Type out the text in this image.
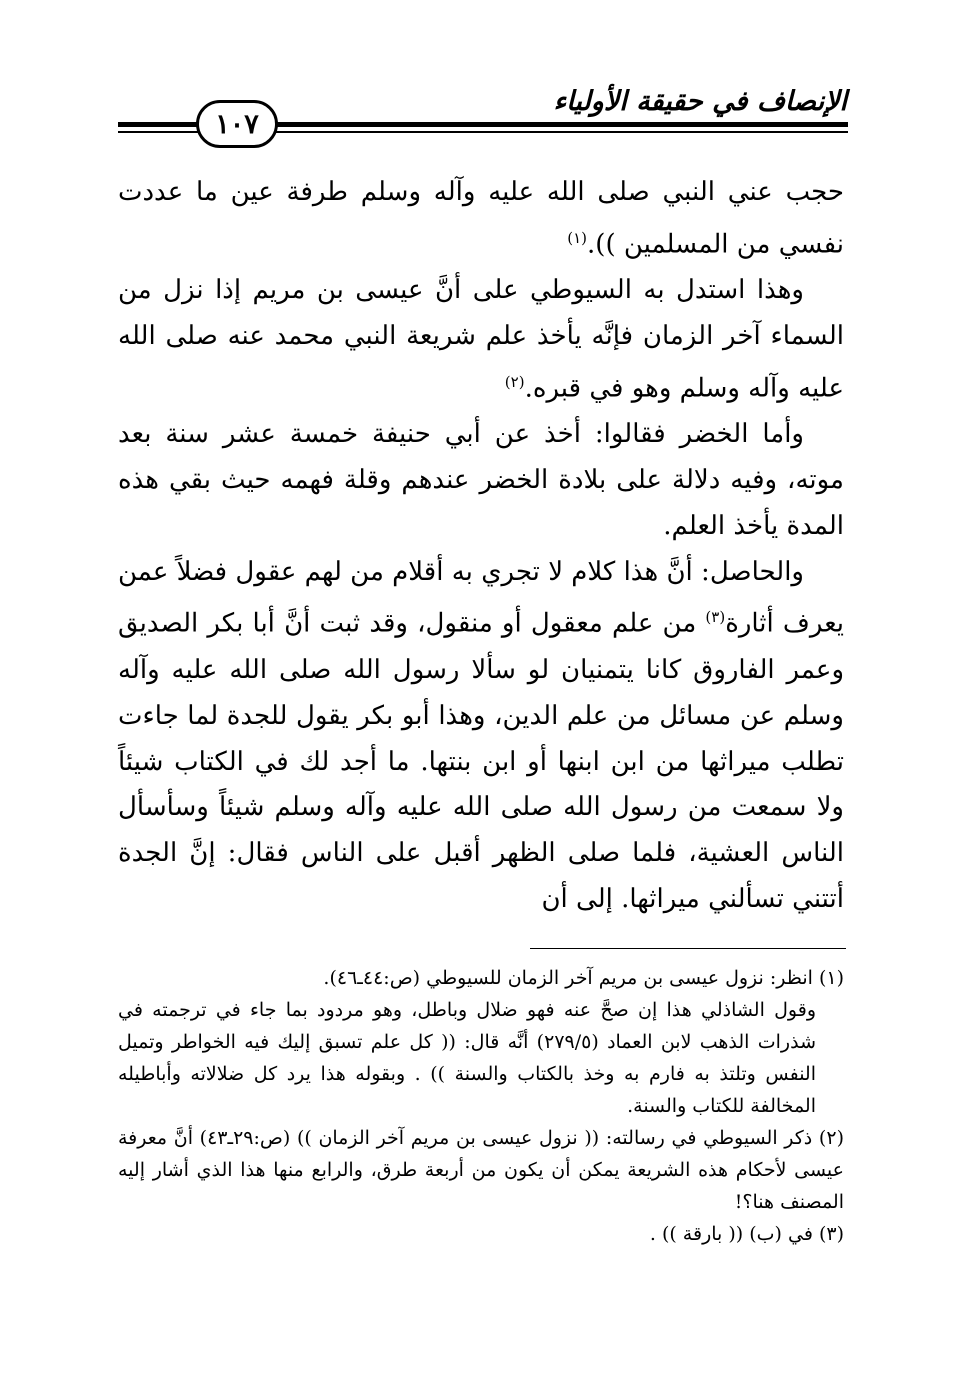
الإنصاف في حقيقة الأولياء
١٠٧

حجب عني النبي صلى الله عليه وآله وسلم طرفة عين ما عددت نفسي من المسلمين )).$^{(١)}$

وهذا استدل به السيوطي على أنَّ عيسى بن مريم إذا نزل من السماء آخر الزمان فإنَّه يأخذ علم شريعة النبي محمد عنه صلى الله عليه وآله وسلم وهو في قبره.$^{(٢)}$

وأما الخضر فقالوا: أخذ عن أبي حنيفة خمسة عشر سنة بعد موته، وفيه دلالة على بلادة الخضر عندهم وقلة فهمه حيث بقي هذه المدة يأخذ العلم.

والحاصل: أنَّ هذا كلام لا تجري به أقلام من لهم عقول فضلاً عمن يعرف أثارة$^{(٣)}$ من علم معقول أو منقول، وقد ثبت أنَّ أبا بكر الصديق وعمر الفاروق كانا يتمنيان لو سألا رسول الله صلى الله عليه وآله وسلم عن مسائل من علم الدين، وهذا أبو بكر يقول للجدة لما جاءت تطلب ميراثها من ابن ابنها أو ابن بنتها. ما أجد لك في الكتاب شيئاً ولا سمعت من رسول الله صلى الله عليه وآله وسلم شيئاً وسأسأل الناس العشية، فلما صلى الظهر أقبل على الناس فقال: إنَّ الجدة أتتني تسألني ميراثها. إلى أن

(١) انظر: نزول عيسى بن مريم آخر الزمان للسيوطي (ص:٤٤ـ٤٦).

وقول الشاذلي هذا إن صحَّ عنه فهو ضلال وباطل، وهو مردود بما جاء في ترجمته في شذرات الذهب لابن العماد (٢٧٩/٥) أنَّه قال: (( كل علم تسبق إليك فيه الخواطر وتميل النفس وتلتذ به فارم به وخذ بالكتاب والسنة )) . وبقوله هذا يرد كل ضلالاته وأباطيله المخالفة للكتاب والسنة.

(٢) ذكر السيوطي في رسالته: (( نزول عيسى بن مريم آخر الزمان )) (ص:٢٩ـ٤٣) أنَّ معرفة عيسى لأحكام هذه الشريعة يمكن أن يكون من أربعة طرق، والرابع منها هذا الذي أشار إليه المصنف هنا؟!

(٣) في (ب) (( بارقة )) .
